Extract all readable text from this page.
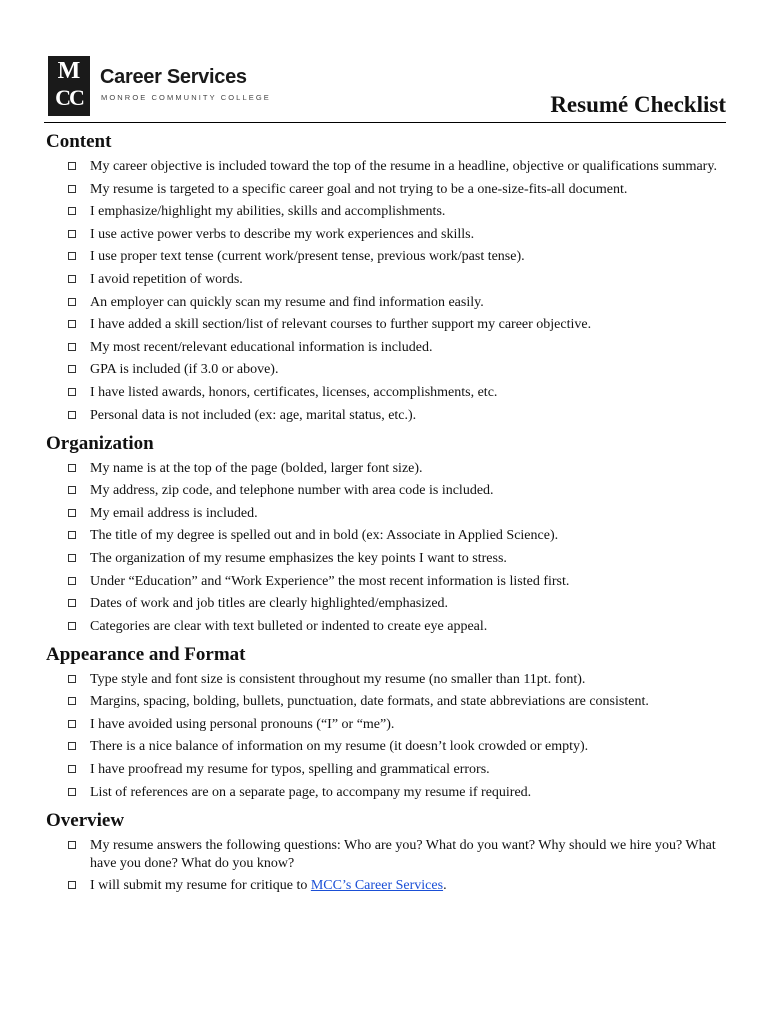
M
CC
Career Services
MONROE COMMUNITY COLLEGE	Resumé Checklist
Content
My career objective is included toward the top of the resume in a headline, objective or qualifications summary.
My resume is targeted to a specific career goal and not trying to be a one-size-fits-all document.
I emphasize/highlight my abilities, skills and accomplishments.
I use active power verbs to describe my work experiences and skills.
I use proper text tense (current work/present tense, previous work/past tense).
I avoid repetition of words.
An employer can quickly scan my resume and find information easily.
I have added a skill section/list of relevant courses to further support my career objective.
My most recent/relevant educational information is included.
GPA is included (if 3.0 or above).
I have listed awards, honors, certificates, licenses, accomplishments, etc.
Personal data is not included (ex: age, marital status, etc.).
Organization
My name is at the top of the page (bolded, larger font size).
My address, zip code, and telephone number with area code is included.
My email address is included.
The title of my degree is spelled out and in bold (ex: Associate in Applied Science).
The organization of my resume emphasizes the key points I want to stress.
Under “Education” and “Work Experience” the most recent information is listed first.
Dates of work and job titles are clearly highlighted/emphasized.
Categories are clear with text bulleted or indented to create eye appeal.
Appearance and Format
Type style and font size is consistent throughout my resume (no smaller than 11pt. font).
Margins, spacing, bolding, bullets, punctuation, date formats, and state abbreviations are consistent.
I have avoided using personal pronouns (“I” or “me”).
There is a nice balance of information on my resume (it doesn’t look crowded or empty).
I have proofread my resume for typos, spelling and grammatical errors.
List of references are on a separate page, to accompany my resume if required.
Overview
My resume answers the following questions: Who are you? What do you want? Why should we hire you? What have you done? What do you know?
I will submit my resume for critique to MCC’s Career Services.
